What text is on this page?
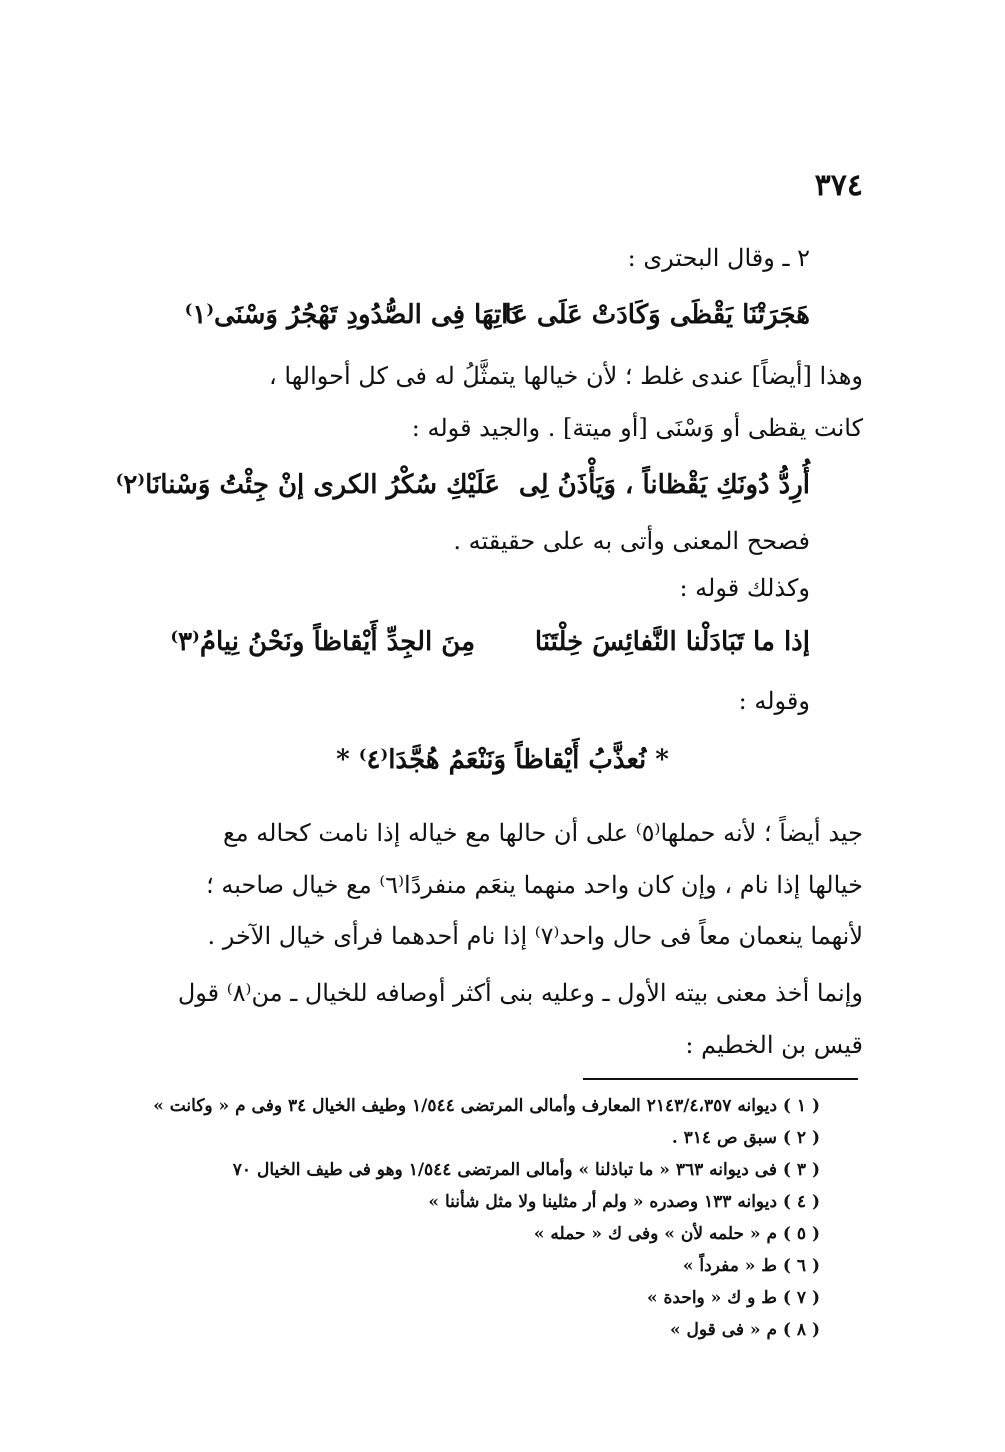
٣٧٤
٢ ـ وقال البحترى :
هَجَرَتْنَا يَقْظَى وَكَادَتْ عَلَى عَا
دَاتِهَا فِى الصُّدُودِ تَهْجُرُ وَسْنَى⁽١⁾
وهذا [أيضاً] عندى غلط ؛ لأن خيالها يتمثَّلُ له فى كل أحوالها ،
كانت يقظى أو وَسْنَى [أو ميتة] . والجيد قوله :
أُرِدُّ دُونَكِ يَقْظاناً ، وَيَأْذَنُ لِى
عَلَيْكِ سُكْرُ الكرى إنْ جِئْتُ وَسْنانَا⁽٢⁾
فصحح المعنى وأتى به على حقيقته .
وكذلك قوله :
إذا ما تَبَادَلْنا النَّفائِسَ خِلْتَنَا
مِنَ الجِدِّ أَيْقاظاً ونَحْنُ نِيامُ⁽٣⁾
وقوله :
* نُعذَّبُ أَيْقاظاً وَنَنْعَمُ هُجَّدَا⁽٤⁾ *
جيد أيضاً ؛ لأنه حملها⁽٥⁾ على أن حالها مع خياله إذا نامت كحاله مع
خيالها إذا نام ، وإن كان واحد منهما ينعَم منفردًا⁽٦⁾ مع خيال صاحبه ؛
لأنهما ينعمان معاً فى حال واحد⁽٧⁾ إذا نام أحدهما فرأى خيال الآخر .
وإنما أخذ معنى بيته الأول ـ وعليه بنى أكثر أوصافه للخيال ـ من⁽٨⁾ قول
قيس بن الخطيم :
( ١ ) ديوانه ٢١٤٣/٤،٣٥٧ المعارف وأمالى المرتضى ١/٥٤٤ وطيف الخيال ٣٤ وفى م « وكانت »
( ٢ ) سبق ص ٣١٤ .
( ٣ ) فى ديوانه ٣٦٣ « ما تباذلنا » وأمالى المرتضى ١/٥٤٤ وهو فى طيف الخيال ٧٠
( ٤ ) ديوانه ١٣٣ وصدره « ولم أر مثلينا ولا مثل شأننا »
( ٥ ) م « حلمه لأن » وفى ك « حمله »
( ٦ ) ط « مفرداً »
( ٧ ) ط و ك « واحدة »
( ٨ ) م « فى قول »
